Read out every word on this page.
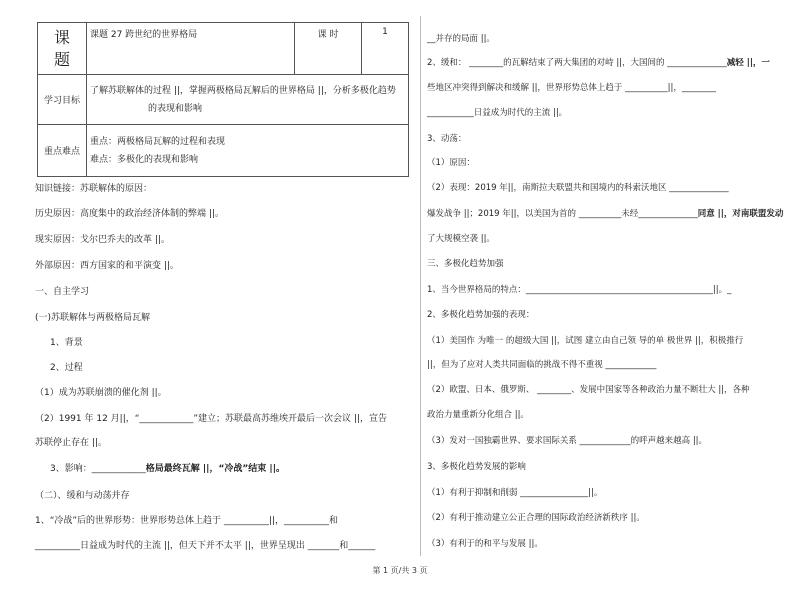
课
题	课题 27 跨世纪的世界格局	课 时	1
学习目标	了解苏联解体的过程 ||，掌握两极格局瓦解后的世界格局 ||，分析多极化趋势
的表现和影响		

重点难点	重点：两极格局瓦解的过程和表现
难点：多极化的表现和影响		
知识链接：苏联解体的原因：
历史原因：高度集中的政治经济体制的弊端 ||。
现实原因：戈尔巴乔夫的改革 ||。
外部原因：西方国家的和平演变 ||。
一、自主学习
(一)苏联解体与两极格局瓦解
1、背景
2、过程
（1）成为苏联崩溃的催化剂 ||。
（2）1991 年 12 月||，“____________”建立；苏联最高苏维埃开最后一次会议 ||，宣告
苏联停止存在 ||。
3、影响：____________格局最终瓦解 ||，“冷战”结束 ||。
（二）、缓和与动荡并存
1、“冷战”后的世界形势：世界形势总体上趋于 __________||，__________和
__________日益成为时代的主流 ||，但天下并不太平 ||，世界呈现出 _______和______
__并存的局面 ||。
2、缓和： ________的瓦解结束了两大集团的对峙 ||，大国间的 ______________减轻 ||，一
些地区冲突得到解决和缓解 ||，世界形势总体上趋于 __________||，________
___________日益成为时代的主流 ||。
3、动荡：
（1）原因：
（2）表现：2019 年||，南斯拉夫联盟共和国境内的科索沃地区 ______________
爆发战争 ||；2019 年||，以美国为首的 __________未经______________同意 ||，对南联盟发动
了大规模空袭 ||。
三、多极化趋势加强
1、当今世界格局的特点：____________________________________________||。_
2、多极化趋势加强的表现：
（1）美国作 为唯一 的超级大国 ||，试图 建立由自己领 导的单 极世界 ||，积极推行
||，但为了应对人类共同面临的挑战不得不重视 ____________
（2）欧盟、日本、俄罗斯、 ________、发展中国家等各种政治力量不断壮大 ||，各种
政治力量重新分化组合 ||。
（3）发对一国独霸世界、要求国际关系 ____________的呼声越来越高 ||。
3、多极化趋势发展的影响
（1）有利于抑制和削弱 ________________||。
（2）有利于推动建立公正合理的国际政治经济新秩序 ||。
（3）有利于的和平与发展 ||。
第 1 页/共 3 页
